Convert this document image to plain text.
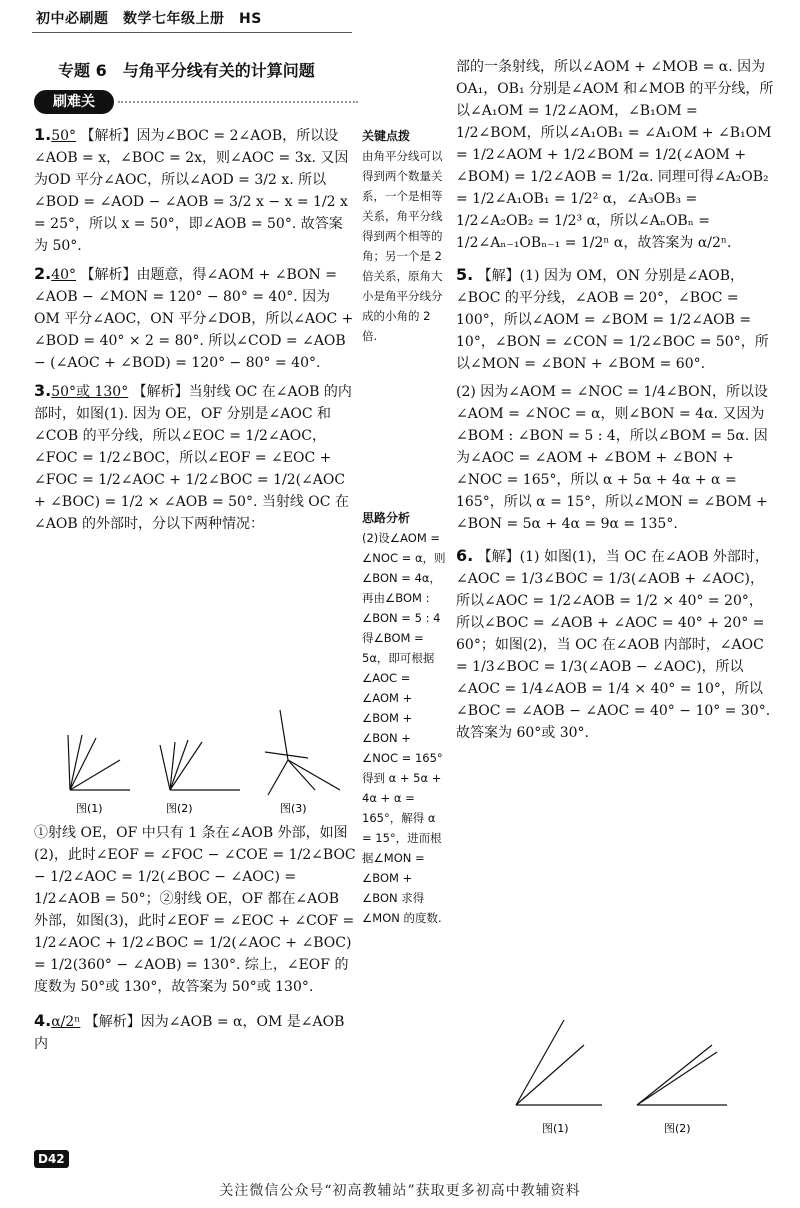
初中必刷题　数学七年级上册　HS
专题 6　与角平分线有关的计算问题
刷难关

1.50° 【解析】因为∠BOC = 2∠AOB，所以设∠AOB = x，∠BOC = 2x，则∠AOC = 3x. 又因为OD 平分∠AOC，所以∠AOD = 3/2 x. 所以∠BOD = ∠AOD − ∠AOB = 3/2 x − x = 1/2 x = 25°，所以 x = 50°，即∠AOB = 50°. 故答案为 50°.

2.40° 【解析】由题意，得∠AOM + ∠BON = ∠AOB − ∠MON = 120° − 80° = 40°. 因为 OM 平分∠AOC，ON 平分∠DOB，所以∠AOC + ∠BOD = 40° × 2 = 80°. 所以∠COD = ∠AOB − (∠AOC + ∠BOD) = 120° − 80° = 40°.

3.50°或 130° 【解析】当射线 OC 在∠AOB 的内部时，如图(1). 因为 OE，OF 分别是∠AOC 和∠COB 的平分线，所以∠EOC = 1/2∠AOC，∠FOC = 1/2∠BOC，所以∠EOF = ∠EOC + ∠FOC = 1/2∠AOC + 1/2∠BOC = 1/2(∠AOC + ∠BOC) = 1/2 × ∠AOB = 50°. 当射线 OC 在∠AOB 的外部时，分以下两种情况：

图(1)	图(2)	图(3)

①射线 OE，OF 中只有 1 条在∠AOB 外部，如图(2)，此时∠EOF = ∠FOC − ∠COE = 1/2∠BOC − 1/2∠AOC = 1/2(∠BOC − ∠AOC) = 1/2∠AOB = 50°；②射线 OE，OF 都在∠AOB 外部，如图(3)，此时∠EOF = ∠EOC + ∠COF = 1/2∠AOC + 1/2∠BOC = 1/2(∠AOC + ∠BOC) = 1/2(360° − ∠AOB) = 130°. 综上，∠EOF 的度数为 50°或 130°，故答案为 50°或 130°.

4.α/2ⁿ 【解析】因为∠AOB = α，OM 是∠AOB 内

关键点拨
由角平分线可以得到两个数量关系，一个是相等关系，角平分线得到两个相等的角；另一个是 2 倍关系，原角大小是角平分线分成的小角的 2 倍.
思路分析
(2)设∠AOM = ∠NOC = α，则∠BON = 4α，再由∠BOM : ∠BON = 5 : 4 得∠BOM = 5α，即可根据∠AOC = ∠AOM + ∠BOM + ∠BON + ∠NOC = 165° 得到 α + 5α + 4α + α = 165°，解得 α = 15°，进而根据∠MON = ∠BOM + ∠BON 求得∠MON 的度数.

部的一条射线，所以∠AOM + ∠MOB = α. 因为 OA₁，OB₁ 分别是∠AOM 和∠MOB 的平分线，所以∠A₁OM = 1/2∠AOM，∠B₁OM = 1/2∠BOM，所以∠A₁OB₁ = ∠A₁OM + ∠B₁OM = 1/2∠AOM + 1/2∠BOM = 1/2(∠AOM + ∠BOM) = 1/2∠AOB = 1/2α. 同理可得∠A₂OB₂ = 1/2∠A₁OB₁ = 1/2² α，∠A₃OB₃ = 1/2∠A₂OB₂ = 1/2³ α，所以∠AₙOBₙ = 1/2∠Aₙ₋₁OBₙ₋₁ = 1/2ⁿ α，故答案为 α/2ⁿ.

5. 【解】(1) 因为 OM，ON 分别是∠AOB，∠BOC 的平分线，∠AOB = 20°，∠BOC = 100°，所以∠AOM = ∠BOM = 1/2∠AOB = 10°，∠BON = ∠CON = 1/2∠BOC = 50°，所以∠MON = ∠BON + ∠BOM = 60°.

(2) 因为∠AOM = ∠NOC = 1/4∠BON，所以设∠AOM = ∠NOC = α，则∠BON = 4α. 又因为∠BOM : ∠BON = 5 : 4，所以∠BOM = 5α. 因为∠AOC = ∠AOM + ∠BOM + ∠BON + ∠NOC = 165°，所以 α + 5α + 4α + α = 165°，所以 α = 15°，所以∠MON = ∠BOM + ∠BON = 5α + 4α = 9α = 135°.

6. 【解】(1) 如图(1)，当 OC 在∠AOB 外部时，∠AOC = 1/3∠BOC = 1/3(∠AOB + ∠AOC)，所以∠AOC = 1/2∠AOB = 1/2 × 40° = 20°，所以∠BOC = ∠AOB + ∠AOC = 40° + 20° = 60°；如图(2)，当 OC 在∠AOB 内部时，∠AOC = 1/3∠BOC = 1/3(∠AOB − ∠AOC)，所以∠AOC = 1/4∠AOB = 1/4 × 40° = 10°，所以∠BOC = ∠AOB − ∠AOC = 40° − 10° = 30°. 故答案为 60°或 30°.

图(1)	图(2)
D42
关注微信公众号“初高教辅站”获取更多初高中教辅资料
